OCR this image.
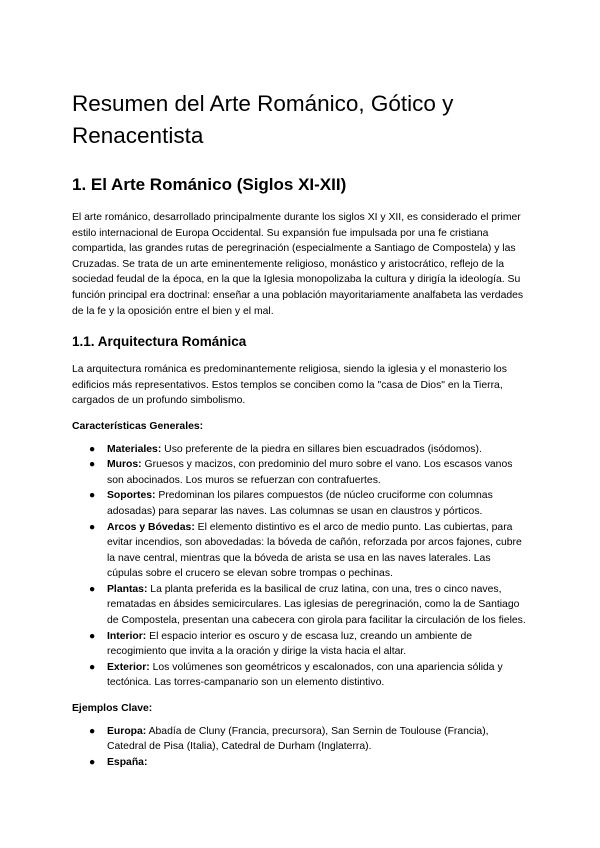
Resumen del Arte Románico, Gótico y Renacentista
1. El Arte Románico (Siglos XI-XII)

El arte románico, desarrollado principalmente durante los siglos XI y XII, es considerado el primer estilo internacional de Europa Occidental. Su expansión fue impulsada por una fe cristiana compartida, las grandes rutas de peregrinación (especialmente a Santiago de Compostela) y las Cruzadas. Se trata de un arte eminentemente religioso, monástico y aristocrático, reflejo de la sociedad feudal de la época, en la que la Iglesia monopolizaba la cultura y dirigía la ideología. Su función principal era doctrinal: enseñar a una población mayoritariamente analfabeta las verdades de la fe y la oposición entre el bien y el mal.

1.1. Arquitectura Románica

La arquitectura románica es predominantemente religiosa, siendo la iglesia y el monasterio los edificios más representativos. Estos templos se conciben como la "casa de Dios" en la Tierra, cargados de un profundo simbolismo.

Características Generales:
● Materiales: Uso preferente de la piedra en sillares bien escuadrados (isódomos).
● Muros: Gruesos y macizos, con predominio del muro sobre el vano. Los escasos vanos son abocinados. Los muros se refuerzan con contrafuertes.
● Soportes: Predominan los pilares compuestos (de núcleo cruciforme con columnas adosadas) para separar las naves. Las columnas se usan en claustros y pórticos.
● Arcos y Bóvedas: El elemento distintivo es el arco de medio punto. Las cubiertas, para evitar incendios, son abovedadas: la bóveda de cañón, reforzada por arcos fajones, cubre la nave central, mientras que la bóveda de arista se usa en las naves laterales. Las cúpulas sobre el crucero se elevan sobre trompas o pechinas.
● Plantas: La planta preferida es la basilical de cruz latina, con una, tres o cinco naves, rematadas en ábsides semicirculares. Las iglesias de peregrinación, como la de Santiago de Compostela, presentan una cabecera con girola para facilitar la circulación de los fieles.
● Interior: El espacio interior es oscuro y de escasa luz, creando un ambiente de recogimiento que invita a la oración y dirige la vista hacia el altar.
● Exterior: Los volúmenes son geométricos y escalonados, con una apariencia sólida y tectónica. Las torres-campanario son un elemento distintivo.
Ejemplos Clave:
● Europa: Abadía de Cluny (Francia, precursora), San Sernin de Toulouse (Francia), Catedral de Pisa (Italia), Catedral de Durham (Inglaterra).
● España:
